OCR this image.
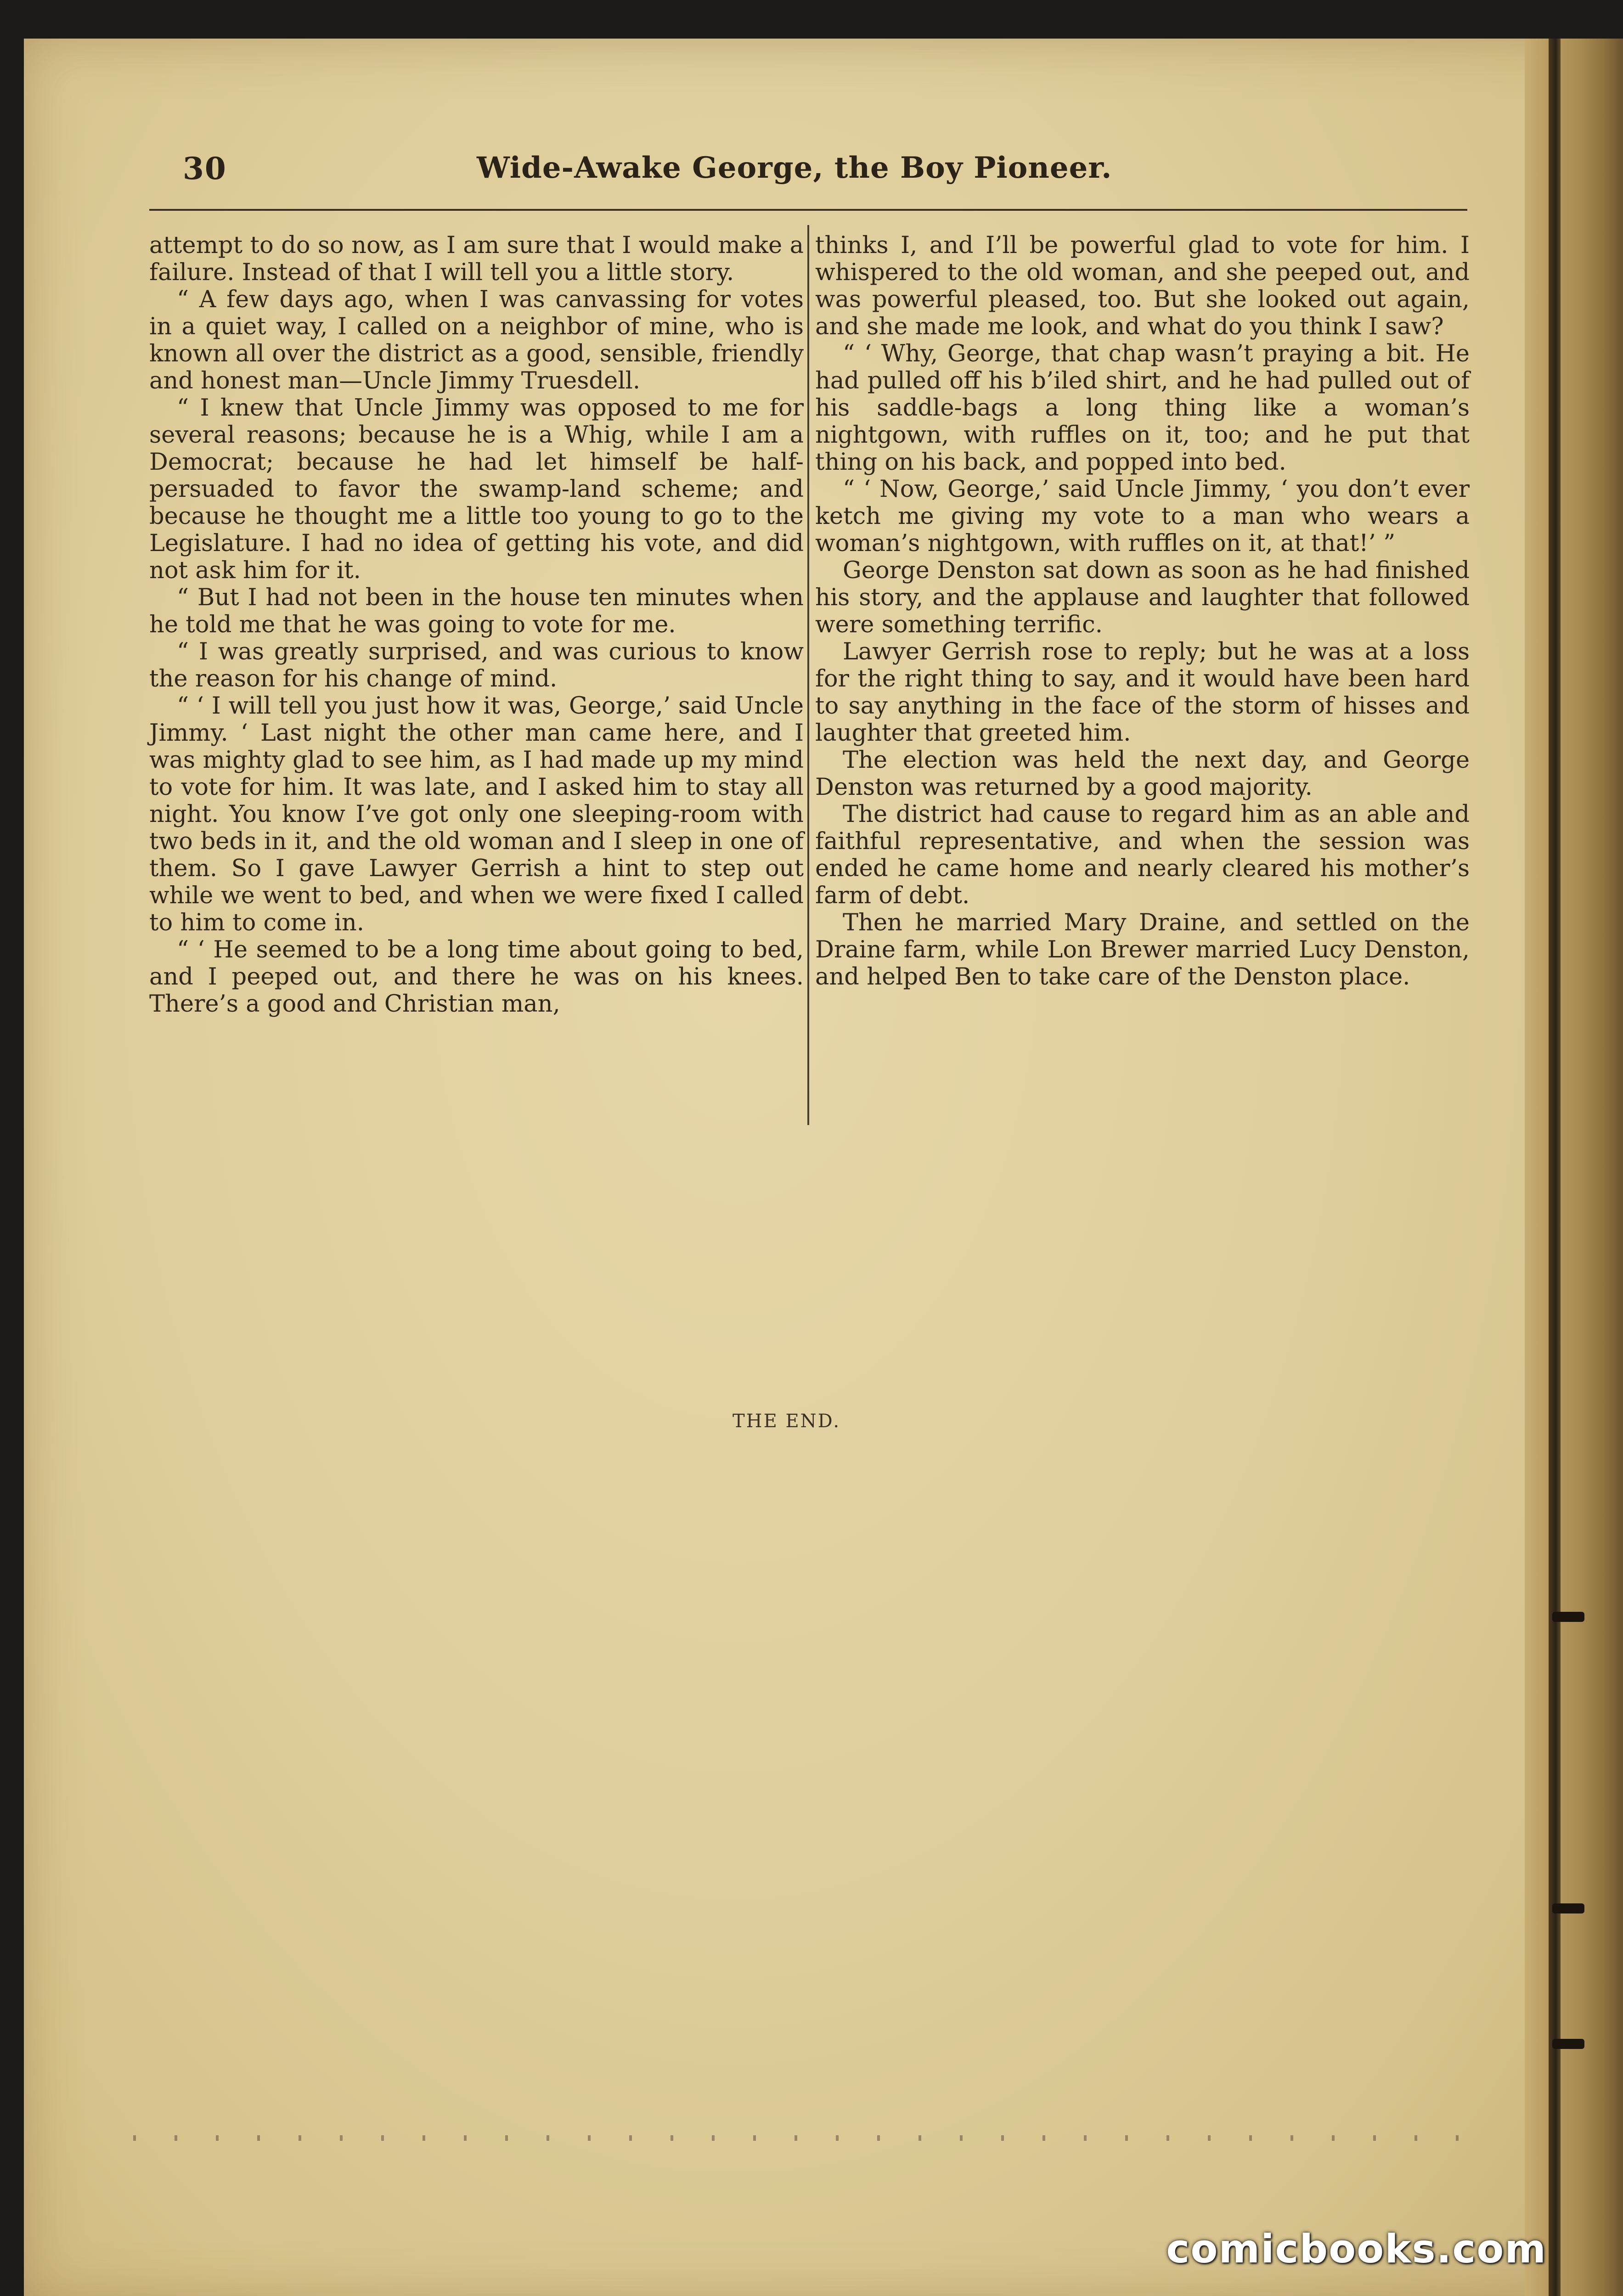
30	Wide-Awake George, the Boy Pioneer.

attempt to do so now, as I am sure that I would make a failure. Instead of that I will tell you a little story.

“ A few days ago, when I was canvassing for votes in a quiet way, I called on a neighbor of mine, who is known all over the district as a good, sensible, friendly and honest man—Uncle Jimmy Truesdell.

“ I knew that Uncle Jimmy was opposed to me for several reasons; because he is a Whig, while I am a Democrat; because he had let himself be half-persuaded to favor the swamp-land scheme; and because he thought me a little too young to go to the Legislature. I had no idea of getting his vote, and did not ask him for it.

“ But I had not been in the house ten minutes when he told me that he was going to vote for me.

“ I was greatly surprised, and was curious to know the reason for his change of mind.

“ ‘ I will tell you just how it was, George,’ said Uncle Jimmy. ‘ Last night the other man came here, and I was mighty glad to see him, as I had made up my mind to vote for him. It was late, and I asked him to stay all night. You know I’ve got only one sleeping-room with two beds in it, and the old woman and I sleep in one of them. So I gave Lawyer Gerrish a hint to step out while we went to bed, and when we were fixed I called to him to come in.

“ ‘ He seemed to be a long time about going to bed, and I peeped out, and there he was on his knees. There’s a good and Christian man,

thinks I, and I’ll be powerful glad to vote for him. I whispered to the old woman, and she peeped out, and was powerful pleased, too. But she looked out again, and she made me look, and what do you think I saw?

“ ‘ Why, George, that chap wasn’t praying a bit. He had pulled off his b’iled shirt, and he had pulled out of his saddle-bags a long thing like a woman’s nightgown, with ruffles on it, too; and he put that thing on his back, and popped into bed.

“ ‘ Now, George,’ said Uncle Jimmy, ‘ you don’t ever ketch me giving my vote to a man who wears a woman’s nightgown, with ruffles on it, at that!’ ”

George Denston sat down as soon as he had finished his story, and the applause and laughter that followed were something terrific.

Lawyer Gerrish rose to reply; but he was at a loss for the right thing to say, and it would have been hard to say anything in the face of the storm of hisses and laughter that greeted him.

The election was held the next day, and George Denston was returned by a good majority.

The district had cause to regard him as an able and faithful representative, and when the session was ended he came home and nearly cleared his mother’s farm of debt.

Then he married Mary Draine, and settled on the Draine farm, while Lon Brewer married Lucy Denston, and helped Ben to take care of the Denston place.

THE END.
comicbooks.com
